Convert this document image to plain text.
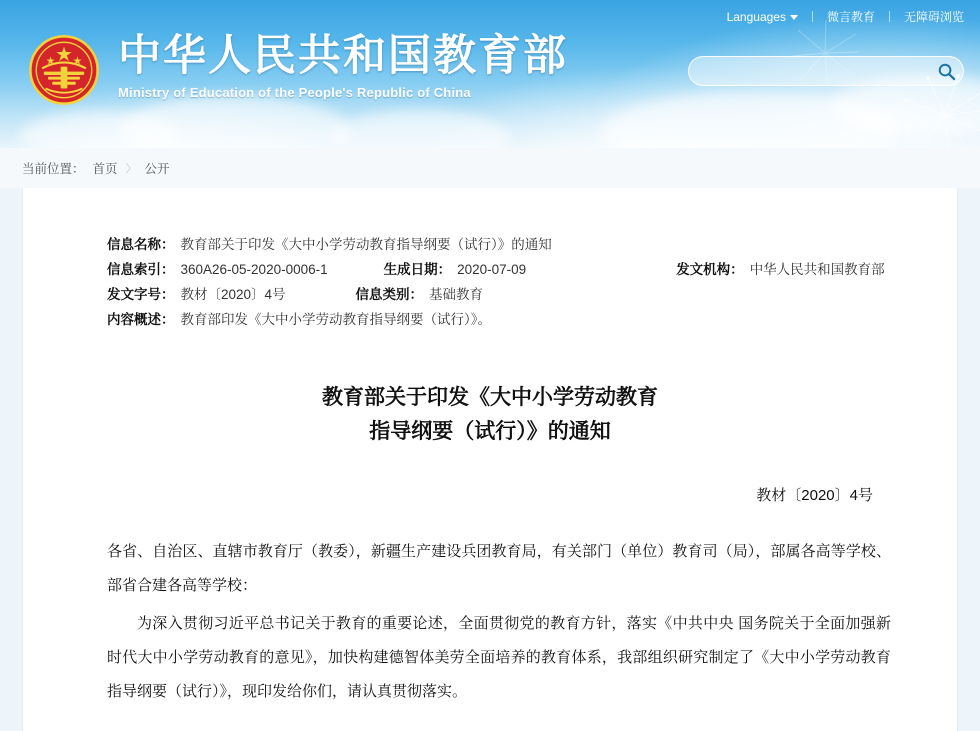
Languages	微言教育 无障碍浏览
中华人民共和国教育部
Ministry of Education of the People's Republic of China
当前位置： 首页 〉 公开
信息名称： 教育部关于印发《大中小学劳动教育指导纲要（试行）》的通知
信息索引： 360A26-05-2020-0006-1	生成日期： 2020-07-09	发文机构： 中华人民共和国教育部
发文字号： 教材〔2020〕4号	信息类别： 基础教育
内容概述： 教育部印发《大中小学劳动教育指导纲要（试行）》。
教育部关于印发《大中小学劳动教育
指导纲要（试行）》的通知
教材〔2020〕4号

各省、自治区、直辖市教育厅（教委），新疆生产建设兵团教育局，有关部门（单位）教育司（局），部属各高等学校、部省合建各高等学校：

为深入贯彻习近平总书记关于教育的重要论述，全面贯彻党的教育方针，落实《中共中央 国务院关于全面加强新时代大中小学劳动教育的意见》，加快构建德智体美劳全面培养的教育体系，我部组织研究制定了《大中小学劳动教育指导纲要（试行）》，现印发给你们，请认真贯彻落实。
